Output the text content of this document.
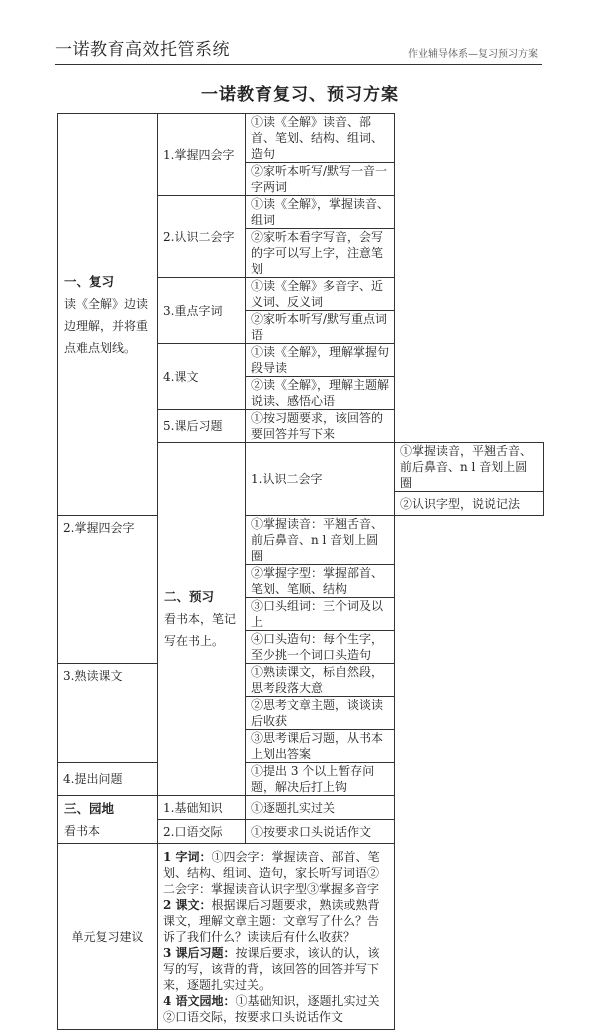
一诺教育高效托管系统	作业辅导体系—复习预习方案
一诺教育复习、预习方案
一、复习
读《全解》边读边理解，并将重点难点划线。	1.掌握四会字	①读《全解》读音、部首、笔划、结构、组词、造句	
		②家听本听写/默写一音一字两词	
	2.认识二会字	①读《全解》，掌握读音、组词	
		②家听本看字写音，会写的字可以写上字，注意笔划	
	3.重点字词	①读《全解》多音字、近义词、反义词	
		②家听本听写/默写重点词语	
	4.课文	①读《全解》，理解掌握句段导读	
		②读《全解》，理解主题解说读、感悟心语	
	5.课后习题	①按习题要求，该回答的要回答并写下来	
	二、预习
看书本，笔记写在书上。	1.认识二会字	①掌握读音，平翘舌音、前后鼻音、n l 音划上圆圈
			②认识字型，说说记法
2.掌握四会字		①掌握读音：平翘舌音、前后鼻音、n l 音划上圆圈	
		②掌握字型：掌握部首、笔划、笔顺、结构	
		③口头组词：三个词及以上	
		④口头造句：每个生字，至少挑一个词口头造句	
3.熟读课文		①熟读课文，标自然段，思考段落大意	
		②思考文章主题，谈谈读后收获	
		③思考课后习题，从书本上划出答案	
4.提出问题		①提出 3 个以上暂存问题，解决后打上钩	
三、园地
看书本	1.基础知识	①逐题扎实过关	
	2.口语交际	①按要求口头说话作文	
单元复习建议	1 字词：①四会字：掌握读音、部首、笔划、结构、组词、造句，家长听写词语②二会字：掌握读音认识字型③掌握多音字
2 课文：根据课后习题要求，熟读或熟背课文，理解文章主题：文章写了什么？告诉了我们什么？读读后有什么收获？
3 课后习题：按课后要求，该认的认，该写的写，该背的背，该回答的回答并写下来，逐题扎实过关。
4 语文园地：①基础知识，逐题扎实过关②口语交际，按要求口头说话作文		
